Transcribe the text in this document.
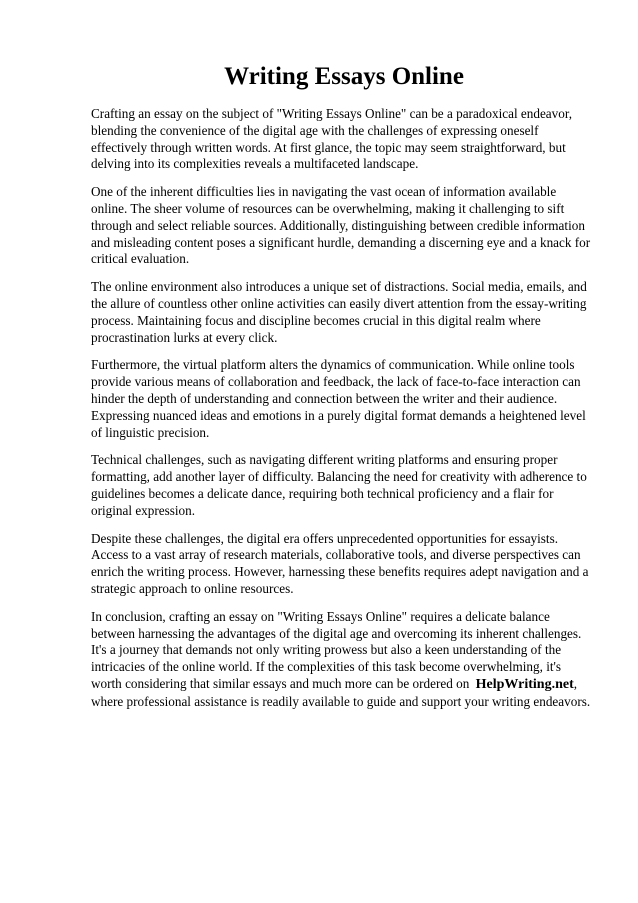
Writing Essays Online

Crafting an essay on the subject of "Writing Essays Online" can be a paradoxical endeavor, blending the convenience of the digital age with the challenges of expressing oneself effectively through written words. At first glance, the topic may seem straightforward, but delving into its complexities reveals a multifaceted landscape.

One of the inherent difficulties lies in navigating the vast ocean of information available online. The sheer volume of resources can be overwhelming, making it challenging to sift through and select reliable sources. Additionally, distinguishing between credible information and misleading content poses a significant hurdle, demanding a discerning eye and a knack for critical evaluation.

The online environment also introduces a unique set of distractions. Social media, emails, and the allure of countless other online activities can easily divert attention from the essay-writing process. Maintaining focus and discipline becomes crucial in this digital realm where procrastination lurks at every click.

Furthermore, the virtual platform alters the dynamics of communication. While online tools provide various means of collaboration and feedback, the lack of face-to-face interaction can hinder the depth of understanding and connection between the writer and their audience. Expressing nuanced ideas and emotions in a purely digital format demands a heightened level of linguistic precision.

Technical challenges, such as navigating different writing platforms and ensuring proper formatting, add another layer of difficulty. Balancing the need for creativity with adherence to guidelines becomes a delicate dance, requiring both technical proficiency and a flair for original expression.

Despite these challenges, the digital era offers unprecedented opportunities for essayists. Access to a vast array of research materials, collaborative tools, and diverse perspectives can enrich the writing process. However, harnessing these benefits requires adept navigation and a strategic approach to online resources.

In conclusion, crafting an essay on "Writing Essays Online" requires a delicate balance between harnessing the advantages of the digital age and overcoming its inherent challenges. It's a journey that demands not only writing prowess but also a keen understanding of the intricacies of the online world. If the complexities of this task become overwhelming, it's worth considering that similar essays and much more can be ordered on HelpWriting.net, where professional assistance is readily available to guide and support your writing endeavors.
